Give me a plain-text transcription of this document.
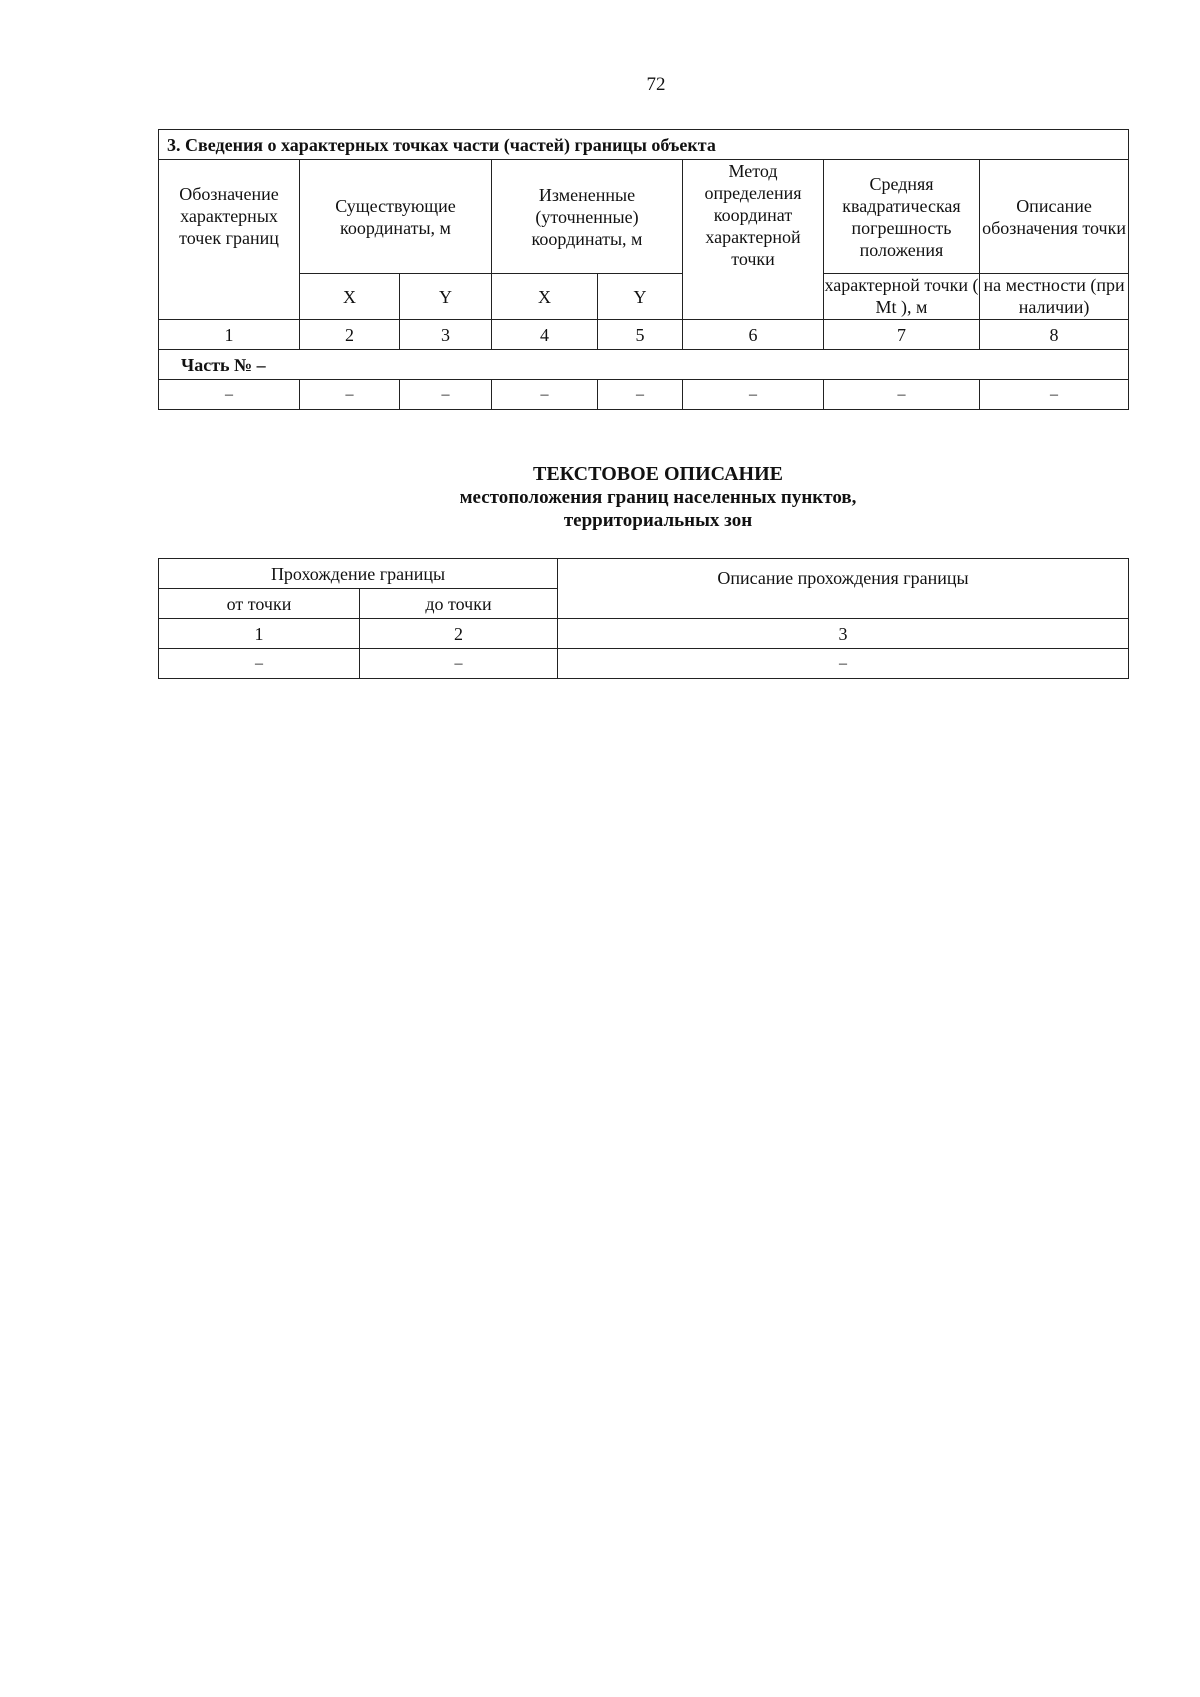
72
3. Сведения о характерных точках части (частей) границы объекта							

Обозначение характерных точек границ	Существующие координаты, м		Измененные (уточненные) координаты, м		Метод определения координат характерной точки	Средняя квадратическая погрешность положения	Описание обозначения точки
	X	Y	X	Y		характерной точки ( Mt ), м	на местности (при наличии)
1	2	3	4	5	6	7	8
Часть № –							
–	–	–	–	–	–	–	–
ТЕКСТОВОЕ ОПИСАНИЕ
местоположения границ населенных пунктов,
территориальных зон
Прохождение границы		Описание прохождения границы

от точки	до точки	
1	2	3
–	–	–
